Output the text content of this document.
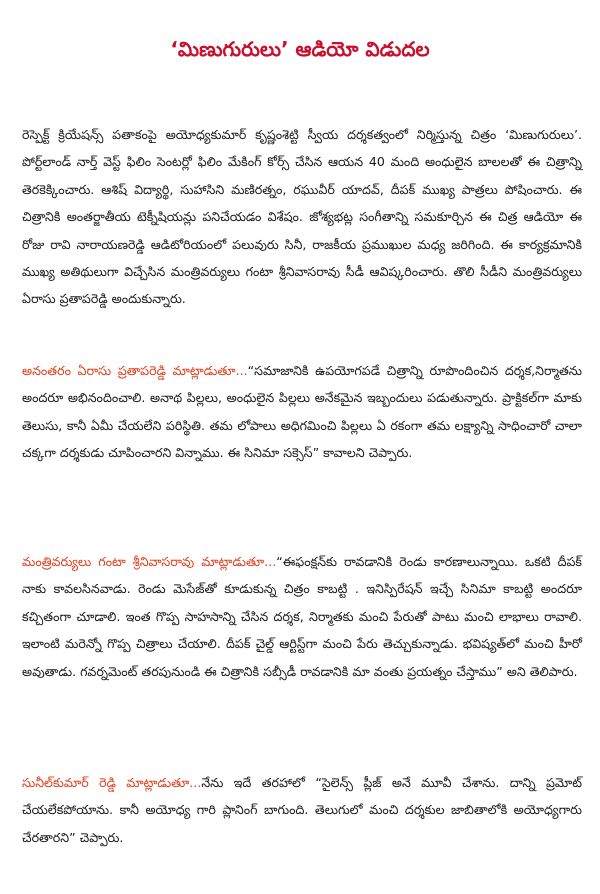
‘మిణుగురులు’ ఆడియో విడుదల

రెస్పెక్ట్ క్రియేషన్స్ పతాకంపై అయోధ్యకుమార్ కృష్ణంశెట్టి స్వీయ దర్శకత్వంలో నిర్మిస్తున్న చిత్రం ‘మిణుగురులు’. పోర్ట్‌లాండ్ నార్త్ వెస్ట్ ఫిలిం సెంటర్లో ఫిలిం మేకింగ్ కోర్స్ చేసిన ఆయన 40 మంది అంధులైన బాలలతో ఈ చిత్రాన్ని తెరకెక్కించారు. ఆశిష్ విద్యార్థి, సుహాసిని మణిరత్నం, రఘువీర్ యాదవ్, దీపక్ ముఖ్య పాత్రలు పోషించారు. ఈ చిత్రానికి అంతర్జాతీయ టెక్నీషియన్లు పనిచేయడం విశేషం. జోశ్యభట్ల సంగీతాన్ని సమకూర్చిన ఈ చిత్ర ఆడియో ఈ రోజు రావి నారాయణరెడ్డి ఆడిటోరియంలో పలువురు సినీ, రాజకీయ ప్రముఖుల మధ్య జరిగింది. ఈ కార్యక్రమానికి ముఖ్య అతిథులుగా విచ్చేసిన మంత్రివర్యులు గంటా శ్రీనివాసరావు సీడీ ఆవిష్కరించారు. తొలి సీడీని మంత్రివర్యులు ఏరాసు ప్రతాపరెడ్డి అందుకున్నారు.

అనంతరం ఏరాసు ప్రతాపరెడ్డి మాట్లాడుతూ...“సమాజానికి ఉపయోగపడే చిత్రాన్ని రూపొందించిన దర్శక,నిర్మాతను అందరూ అభినందించాలి. అనాథ పిల్లలు, అంధులైన పిల్లలు అనేకమైన ఇబ్బందులు పడుతున్నారు. ప్రాక్టికల్‌గా మాకు తెలుసు, కానీ ఏమీ చేయలేని పరిస్థితి. తమ లోపాలు అధిగమించి పిల్లలు ఏ రకంగా తమ లక్ష్యాన్ని సాధించారో చాలా చక్కగా దర్శకుడు చూపించారని విన్నాము. ఈ సినిమా సక్సెస్” కావాలని చెప్పారు.

మంత్రివర్యులు గంటా శ్రీనివాసరావు మాట్లాడుతూ...“ఈఫంక్షన్‌కు రావడానికి రెండు కారణాలున్నాయి. ఒకటి దీపక్ నాకు కావలసినవాడు. రెండు మెసేజ్‌తో కూడుకున్న చిత్రం కాబట్టి . ఇనిస్పిరేషన్ ఇచ్చే సినిమా కాబట్టి అందరూ కచ్చితంగా చూడాలి. ఇంత గొప్ప సాహసాన్ని చేసిన దర్శక, నిర్మాతకు మంచి పేరుతో పాటు మంచి లాభాలు రావాలి. ఇలాంటి మరెన్నో గొప్ప చిత్రాలు చేయాలి. దీపక్ చైల్డ్ ఆర్టిస్ట్‌గా మంచి పేరు తెచ్చుకున్నాడు. భవిష్యత్‌లో మంచి హీరో అవుతాడు. గవర్నమెంట్ తరపునుండి ఈ చిత్రానికి సబ్సీడీ రావడానికి మా వంతు ప్రయత్నం చేస్తాము” అని తెలిపారు.

సునీల్‌కుమార్ రెడ్డి మాట్లాడుతూ...నేను ఇదే తరహాలో “సైలెన్స్ ప్లీజ్ అనే మూవీ చేశాను. దాన్ని ప్రమోట్ చేయలేకపోయాను. కానీ అయోధ్య గారి ప్లానింగ్ బాగుంది. తెలుగులో మంచి దర్శకుల జాబితాలోకి అయోధ్యగారు చేరతారని” చెప్పారు.
